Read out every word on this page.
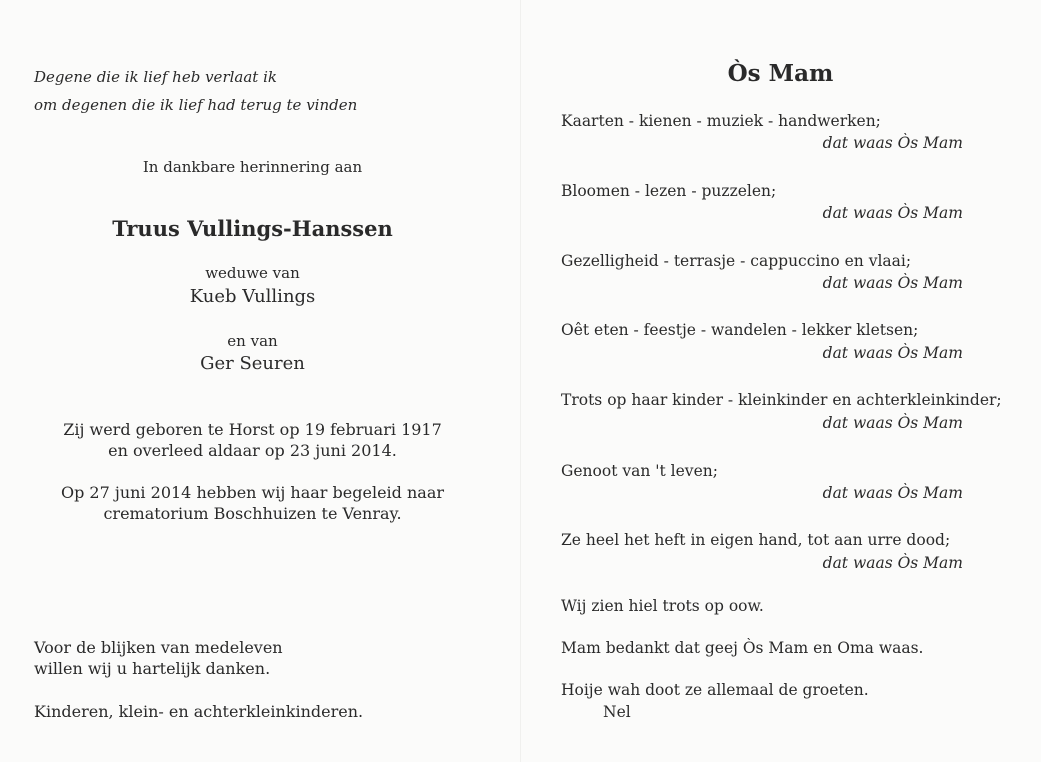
Degene die ik lief heb verlaat ik

om degenen die ik lief had terug te vinden

In dankbare herinnering aan

Truus Vullings-Hanssen

weduwe van

Kueb Vullings

en van

Ger Seuren

Zij werd geboren te Horst op 19 februari 1917

en overleed aldaar op 23 juni 2014.

Op 27 juni 2014 hebben wij haar begeleid naar

crematorium Boschhuizen te Venray.

Voor de blijken van medeleven

willen wij u hartelijk danken.

Kinderen, klein- en achterkleinkinderen.

Òs Mam

Kaarten - kienen - muziek - handwerken;
dat waas Òs Mam
Bloomen - lezen - puzzelen;
dat waas Òs Mam
Gezelligheid - terrasje - cappuccino en vlaai;
dat waas Òs Mam
Oêt eten - feestje - wandelen - lekker kletsen;
dat waas Òs Mam
Trots op haar kinder - kleinkinder en achterkleinkinder;
dat waas Òs Mam
Genoot van 't leven;
dat waas Òs Mam
Ze heel het heft in eigen hand, tot aan urre dood;
dat waas Òs Mam
Wij zien hiel trots op oow.
Mam bedankt dat geej Òs Mam en Oma waas.
Hoije wah doot ze allemaal de groeten.
Nel
